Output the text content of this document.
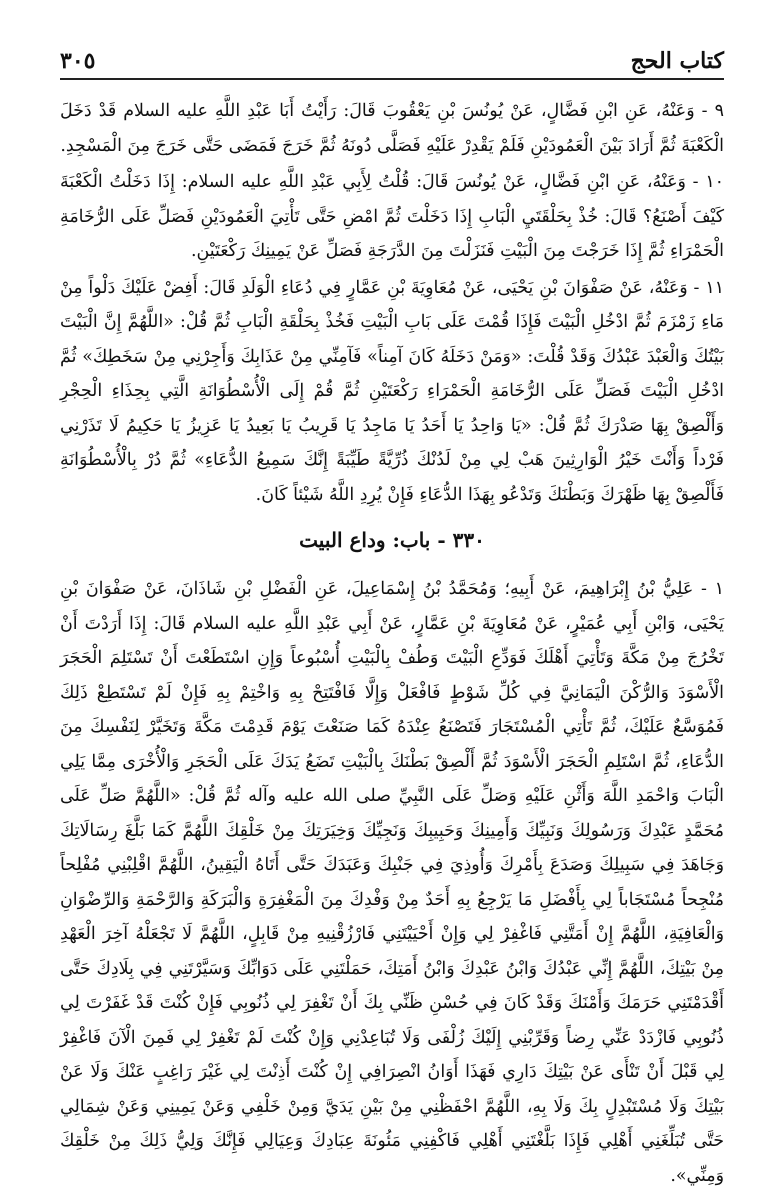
كتاب الحج
٣٠٥

٩ - وَعَنْهُ، عَنِ ابْنِ فَضَّالٍ، عَنْ يُونُسَ بْنِ يَعْقُوبَ قَالَ: رَأَيْتُ أَبَا عَبْدِ اللَّهِ عليه السلام قَدْ دَخَلَ الْكَعْبَةَ ثُمَّ أَرَادَ بَيْنَ الْعَمُودَيْنِ فَلَمْ يَقْدِرْ عَلَيْهِ فَصَلَّى دُونَهُ ثُمَّ خَرَجَ فَمَضَى حَتَّى خَرَجَ مِنَ الْمَسْجِدِ.

١٠ - وَعَنْهُ، عَنِ ابْنِ فَضَّالٍ، عَنْ يُونُسَ قَالَ: قُلْتُ لِأَبِي عَبْدِ اللَّهِ عليه السلام: إِذَا دَخَلْتُ الْكَعْبَةَ كَيْفَ أَصْنَعُ؟ قَالَ: خُذْ بِحَلْقَتَيِ الْبَابِ إِذَا دَخَلْتَ ثُمَّ امْضِ حَتَّى تَأْتِيَ الْعَمُودَيْنِ فَصَلِّ عَلَى الرُّخَامَةِ الْحَمْرَاءِ ثُمَّ إِذَا خَرَجْتَ مِنَ الْبَيْتِ فَنَزَلْتَ مِنَ الدَّرَجَةِ فَصَلِّ عَنْ يَمِينِكَ رَكْعَتَيْنِ.

١١ - وَعَنْهُ، عَنْ صَفْوَانَ بْنِ يَحْيَى، عَنْ مُعَاوِيَةَ بْنِ عَمَّارٍ فِي دُعَاءِ الْوَلَدِ قَالَ: أَفِضْ عَلَيْكَ دَلْواً مِنْ مَاءِ زَمْزَمَ ثُمَّ ادْخُلِ الْبَيْتَ فَإِذَا قُمْتَ عَلَى بَابِ الْبَيْتِ فَخُذْ بِحَلْقَةِ الْبَابِ ثُمَّ قُلْ: «اللَّهُمَّ إِنَّ الْبَيْتَ بَيْتُكَ وَالْعَبْدَ عَبْدُكَ وَقَدْ قُلْتَ: «وَمَنْ دَخَلَهُ كَانَ آمِناً» فَآمِنِّي مِنْ عَذَابِكَ وَأَجِرْنِي مِنْ سَخَطِكَ» ثُمَّ ادْخُلِ الْبَيْتَ فَصَلِّ عَلَى الرُّخَامَةِ الْحَمْرَاءِ رَكْعَتَيْنِ ثُمَّ قُمْ إِلَى الْأُسْطُوَانَةِ الَّتِي بِحِذَاءِ الْحِجْرِ وَأَلْصِقْ بِهَا صَدْرَكَ ثُمَّ قُلْ: «يَا وَاحِدُ يَا أَحَدُ يَا مَاجِدُ يَا قَرِيبُ يَا بَعِيدُ يَا عَزِيزُ يَا حَكِيمُ لَا تَذَرْنِي فَرْداً وَأَنْتَ خَيْرُ الْوَارِثِينَ هَبْ لِي مِنْ لَدُنْكَ ذُرِّيَّةً طَيِّبَةً إِنَّكَ سَمِيعُ الدُّعَاءِ» ثُمَّ دُرْ بِالْأُسْطُوَانَةِ فَأَلْصِقْ بِهَا ظَهْرَكَ وَبَطْنَكَ وَتَدْعُو بِهَذَا الدُّعَاءِ فَإِنْ يُرِدِ اللَّهُ شَيْئاً كَانَ.

٣٣٠ - باب: وداع البيت

١ - عَلِيُّ بْنُ إِبْرَاهِيمَ، عَنْ أَبِيهِ؛ وَمُحَمَّدُ بْنُ إِسْمَاعِيلَ، عَنِ الْفَضْلِ بْنِ شَاذَانَ، عَنْ صَفْوَانَ بْنِ يَحْيَى، وَابْنِ أَبِي عُمَيْرٍ، عَنْ مُعَاوِيَةَ بْنِ عَمَّارٍ، عَنْ أَبِي عَبْدِ اللَّهِ عليه السلام قَالَ: إِذَا أَرَدْتَ أَنْ تَخْرُجَ مِنْ مَكَّةَ وَتَأْتِيَ أَهْلَكَ فَوَدِّعِ الْبَيْتَ وَطُفْ بِالْبَيْتِ أُسْبُوعاً وَإِنِ اسْتَطَعْتَ أَنْ تَسْتَلِمَ الْحَجَرَ الْأَسْوَدَ وَالرُّكْنَ الْيَمَانِيَّ فِي كُلِّ شَوْطٍ فَافْعَلْ وَإِلَّا فَافْتَتِحْ بِهِ وَاخْتِمْ بِهِ فَإِنْ لَمْ تَسْتَطِعْ ذَلِكَ فَمُوَسَّعٌ عَلَيْكَ، ثُمَّ تَأْتِي الْمُسْتَجَارَ فَتَصْنَعُ عِنْدَهُ كَمَا صَنَعْتَ يَوْمَ قَدِمْتَ مَكَّةَ وَتَخَيَّرْ لِنَفْسِكَ مِنَ الدُّعَاءِ، ثُمَّ اسْتَلِمِ الْحَجَرَ الْأَسْوَدَ ثُمَّ أَلْصِقْ بَطْنَكَ بِالْبَيْتِ تَضَعُ يَدَكَ عَلَى الْحَجَرِ وَالْأُخْرَى مِمَّا يَلِي الْبَابَ وَاحْمَدِ اللَّهَ وَأَثْنِ عَلَيْهِ وَصَلِّ عَلَى النَّبِيِّ صلى الله عليه وآله ثُمَّ قُلْ: «اللَّهُمَّ صَلِّ عَلَى مُحَمَّدٍ عَبْدِكَ وَرَسُولِكَ وَنَبِيِّكَ وَأَمِينِكَ وَحَبِيبِكَ وَنَجِيِّكَ وَخِيَرَتِكَ مِنْ خَلْقِكَ اللَّهُمَّ كَمَا بَلَّغَ رِسَالَاتِكَ وَجَاهَدَ فِي سَبِيلِكَ وَصَدَعَ بِأَمْرِكَ وَأُوذِيَ فِي جَنْبِكَ وَعَبَدَكَ حَتَّى أَتَاهُ الْيَقِينُ، اللَّهُمَّ اقْلِبْنِي مُفْلِحاً مُنْجِحاً مُسْتَجَاباً لِي بِأَفْضَلِ مَا يَرْجِعُ بِهِ أَحَدٌ مِنْ وَفْدِكَ مِنَ الْمَغْفِرَةِ وَالْبَرَكَةِ وَالرَّحْمَةِ وَالرِّضْوَانِ وَالْعَافِيَةِ، اللَّهُمَّ إِنْ أَمَتَّنِي فَاغْفِرْ لِي وَإِنْ أَحْيَيْتَنِي فَارْزُقْنِيهِ مِنْ قَابِلٍ، اللَّهُمَّ لَا تَجْعَلْهُ آخِرَ الْعَهْدِ مِنْ بَيْتِكَ، اللَّهُمَّ إِنِّي عَبْدُكَ وَابْنُ عَبْدِكَ وَابْنُ أَمَتِكَ، حَمَلْتَنِي عَلَى دَوَابِّكَ وَسَيَّرْتَنِي فِي بِلَادِكَ حَتَّى أَقْدَمْتَنِي حَرَمَكَ وَأَمْنَكَ وَقَدْ كَانَ فِي حُسْنِ ظَنِّي بِكَ أَنْ تَغْفِرَ لِي ذُنُوبِي فَإِنْ كُنْتَ قَدْ غَفَرْتَ لِي ذُنُوبِي فَازْدَدْ عَنِّي رِضاً وَقَرِّبْنِي إِلَيْكَ زُلْفَى وَلَا تُبَاعِدْنِي وَإِنْ كُنْتَ لَمْ تَغْفِرْ لِي فَمِنَ الْآنَ فَاغْفِرْ لِي قَبْلَ أَنْ تَنْأَى عَنْ بَيْتِكَ دَارِي فَهَذَا أَوَانُ انْصِرَافِي إِنْ كُنْتَ أَذِنْتَ لِي غَيْرَ رَاغِبٍ عَنْكَ وَلَا عَنْ بَيْتِكَ وَلَا مُسْتَبْدِلٍ بِكَ وَلَا بِهِ، اللَّهُمَّ احْفَظْنِي مِنْ بَيْنِ يَدَيَّ وَمِنْ خَلْفِي وَعَنْ يَمِينِي وَعَنْ شِمَالِي حَتَّى تُبَلِّغَنِي أَهْلِي فَإِذَا بَلَّغْتَنِي أَهْلِي فَاكْفِنِي مَئُونَةَ عِبَادِكَ وَعِيَالِي فَإِنَّكَ وَلِيُّ ذَلِكَ مِنْ خَلْقِكَ وَمِنِّي».
